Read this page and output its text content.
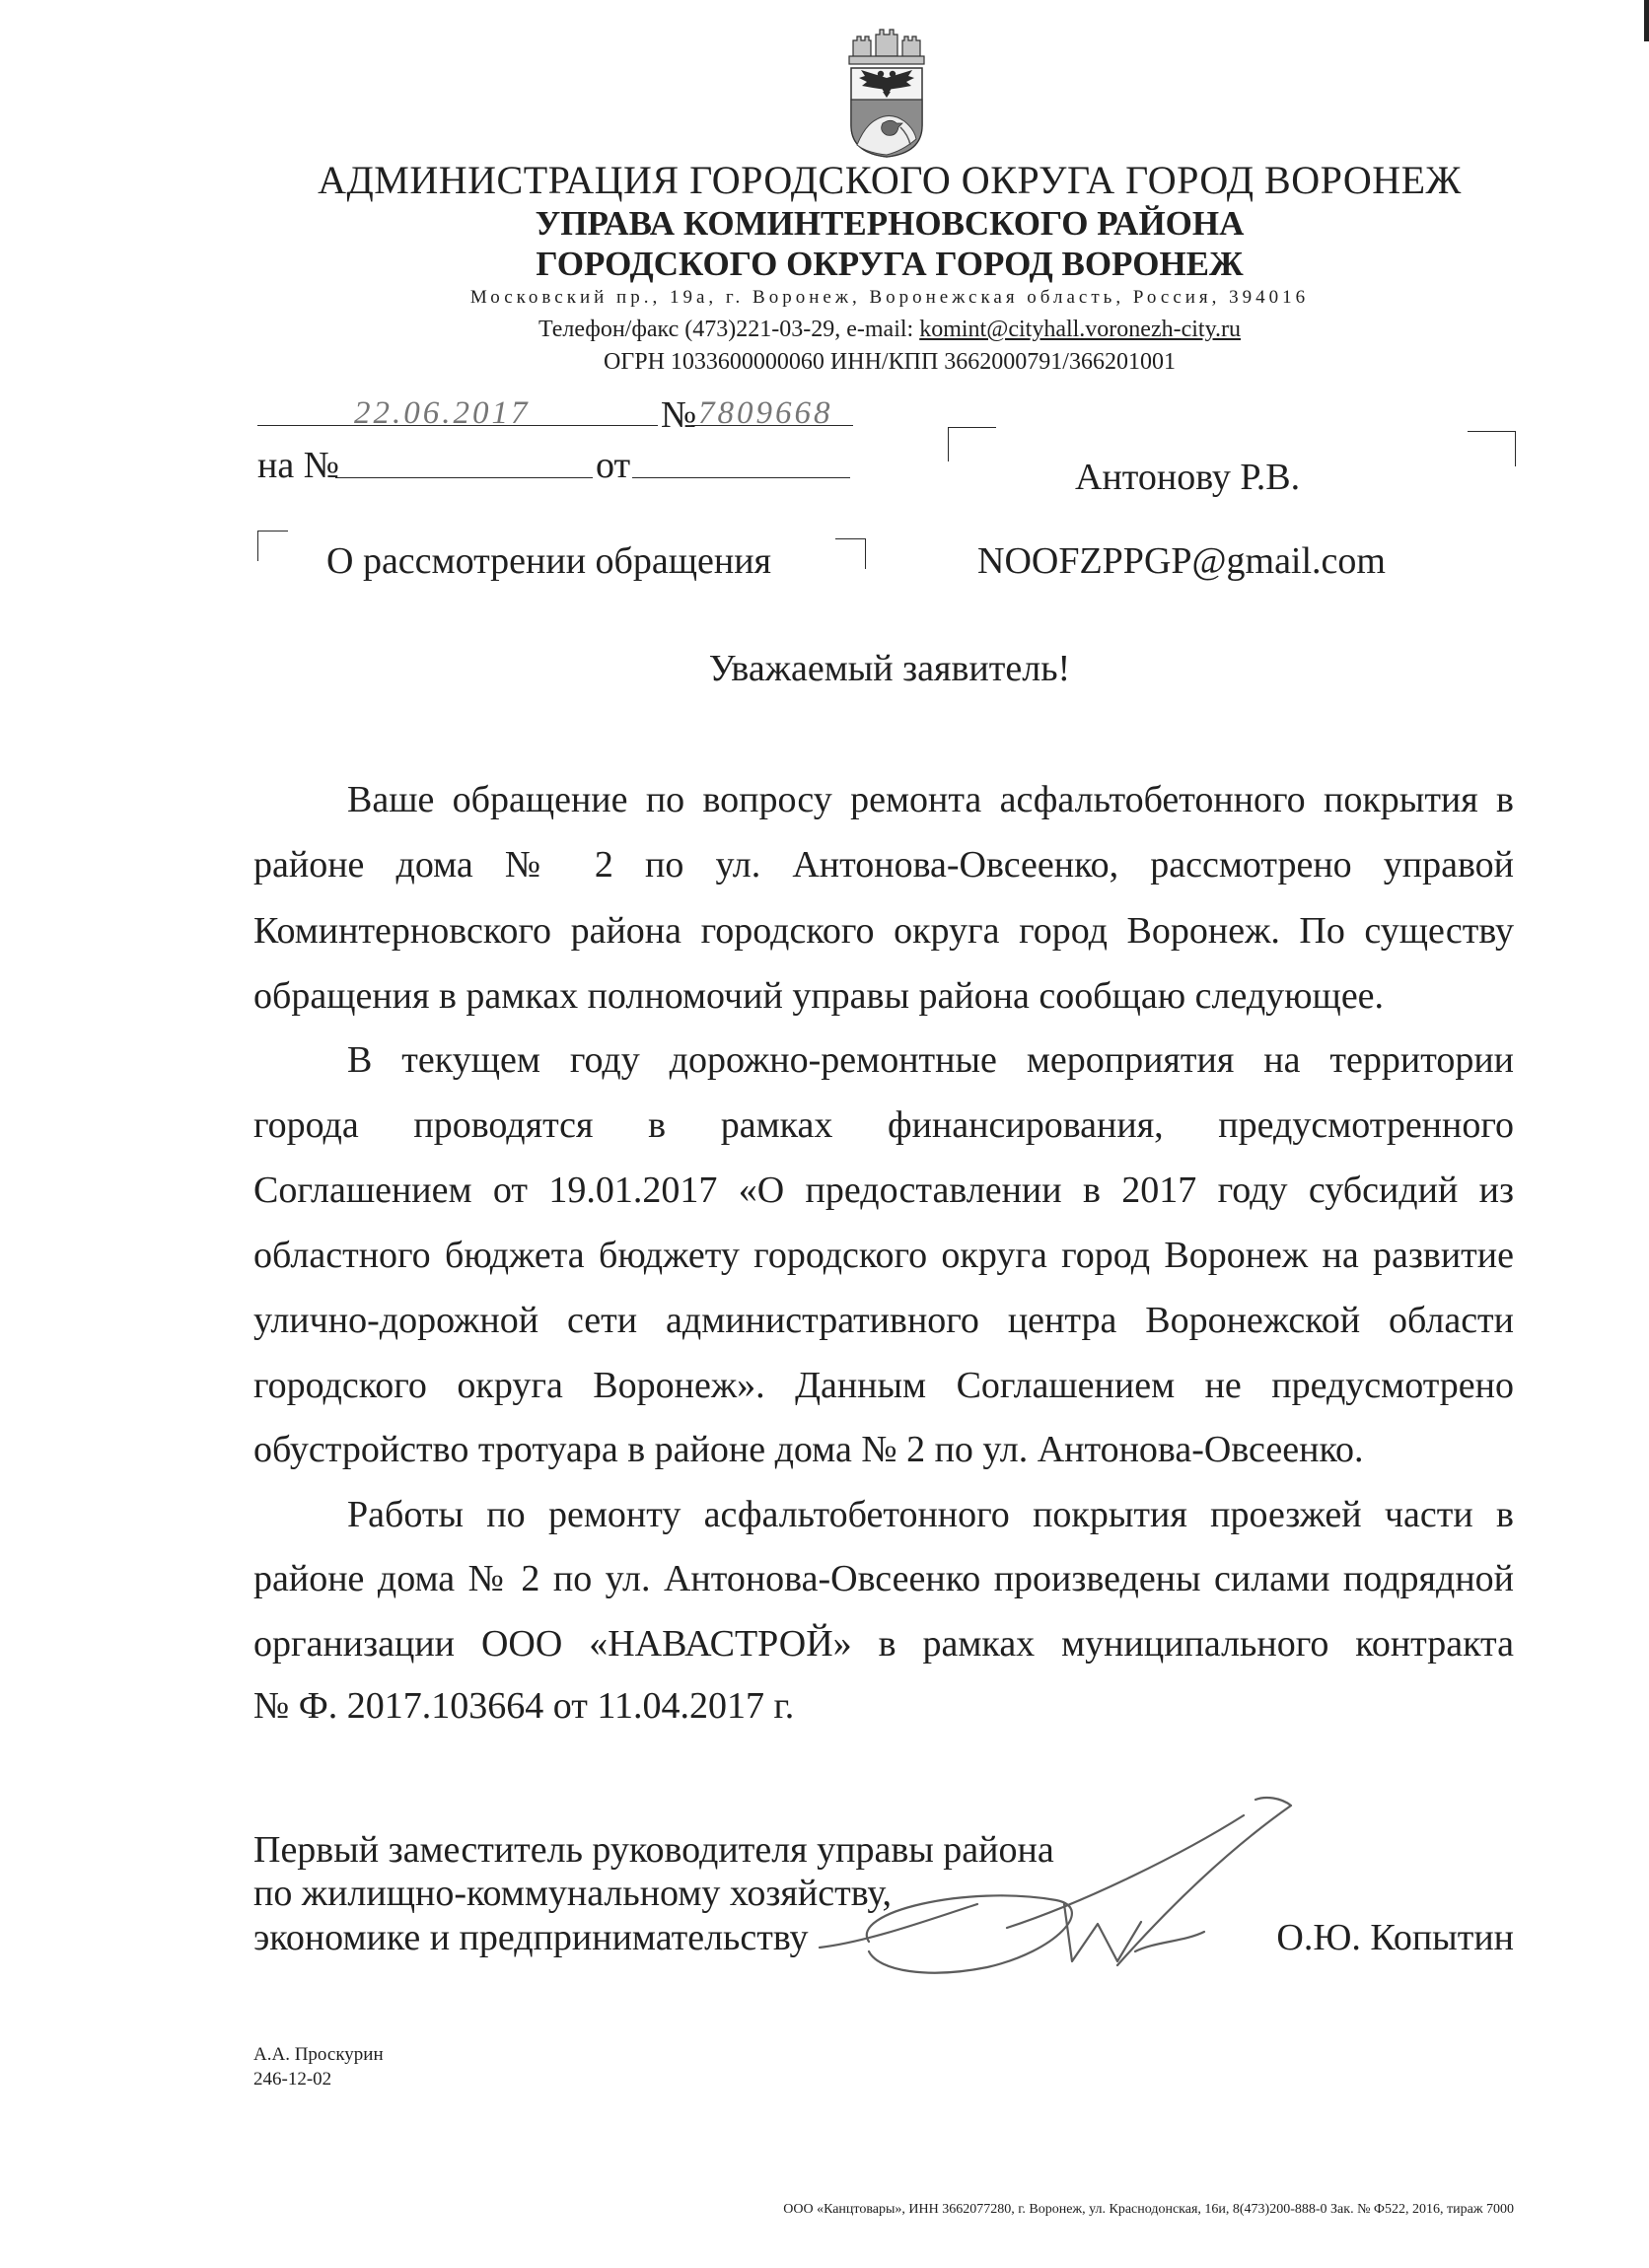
АДМИНИСТРАЦИЯ ГОРОДСКОГО ОКРУГА ГОРОД ВОРОНЕЖ
УПРАВА КОМИНТЕРНОВСКОГО РАЙОНА
ГОРОДСКОГО ОКРУГА ГОРОД ВОРОНЕЖ
Московский пр., 19а, г. Воронеж, Воронежская область, Россия, 394016
Телефон/факс (473)221-03-29, e-mail: komint@cityhall.voronezh-city.ru
ОГРН 1033600000060 ИНН/КПП 3662000791/366201001
22.06.2017	№ 7809668
на №	от	Антонову Р.В.
NOOFZPPGP@gmail.com
О рассмотрении обращения
Уважаемый заявитель!
Ваше обращение по вопросу ремонта асфальтобетонного покрытия в
районе дома № 2 по ул. Антонова-Овсеенко, рассмотрено управой
Коминтерновского района городского округа город Воронеж. По существу
обращения в рамках полномочий управы района сообщаю следующее.
В текущем году дорожно-ремонтные мероприятия на территории
города проводятся в рамках финансирования, предусмотренного
Соглашением от 19.01.2017 «О предоставлении в 2017 году субсидий из
областного бюджета бюджету городского округа город Воронеж на развитие
улично-дорожной сети административного центра Воронежской области
городского округа Воронеж». Данным Соглашением не предусмотрено
обустройство тротуара в районе дома № 2 по ул. Антонова-Овсеенко.
Работы по ремонту асфальтобетонного покрытия проезжей части в
районе дома № 2 по ул. Антонова-Овсеенко произведены силами подрядной
организации ООО «НАВАСТРОЙ» в рамках муниципального контракта
№ Ф. 2017.103664 от 11.04.2017 г.
Первый заместитель руководителя управы района
по жилищно-коммунальному хозяйству,
экономике и предпринимательству	О.Ю. Копытин
А.А. Проскурин
246-12-02
ООО «Канцтовары», ИНН 3662077280, г. Воронеж, ул. Краснодонская, 16и, 8(473)200-888-0 Зак. № Ф522, 2016, тираж 7000
